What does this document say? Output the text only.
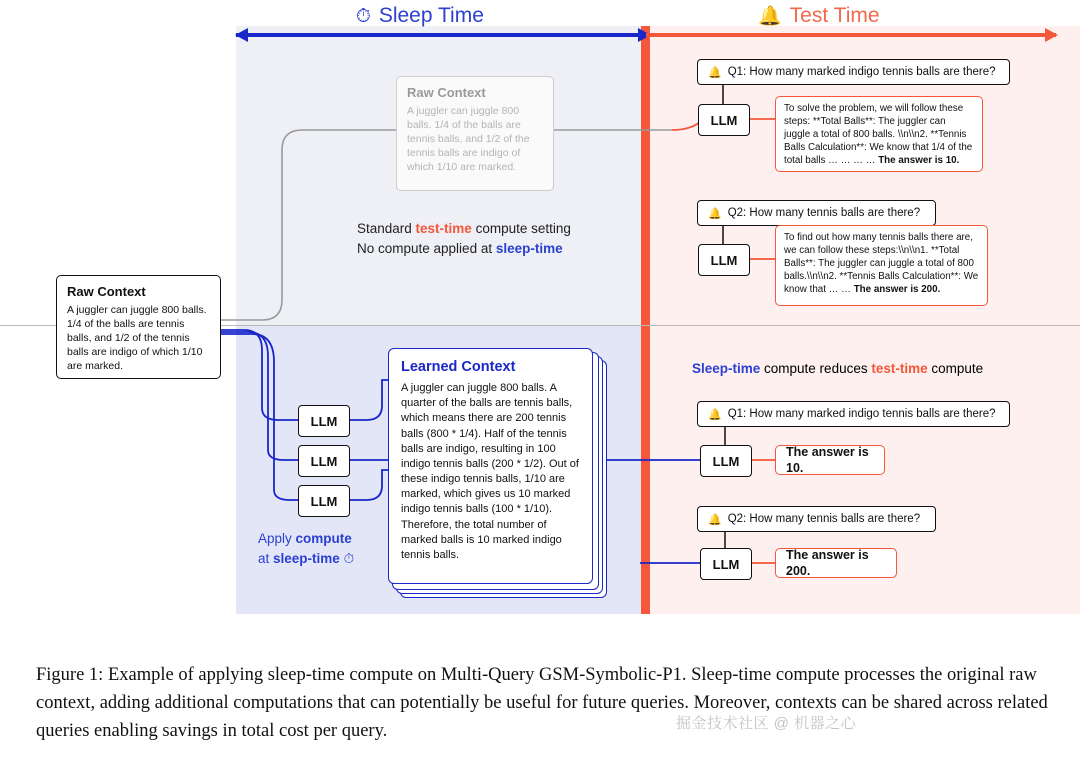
⏱ Sleep Time	🔔 Test Time
Raw Context
A juggler can juggle 800 balls. 1/4 of the balls are tennis balls, and 1/2 of the tennis balls are indigo of which 1/10 are marked.
Raw Context
A juggler can juggle 800 balls. 1/4 of the balls are tennis balls, and 1/2 of the tennis balls are indigo of which 1/10 are marked.
Standard test-time compute setting
No compute applied at sleep-time
🔔 Q1: How many marked indigo tennis balls are there?
LLM
To solve the problem, we will follow these steps: **Total Balls**: The juggler can juggle a total of 800 balls. \\n\\n2. **Tennis Balls Calculation**: We know that 1/4 of the total balls … … … … The answer is 10.
🔔 Q2: How many tennis balls are there?
LLM
To find out how many tennis balls there are, we can follow these steps:\\n\\n1. **Total Balls**: The juggler can juggle a total of 800 balls.\\n\\n2. **Tennis Balls Calculation**: We know that … … The answer is 200.
LLM
LLM
LLM
Learned Context
A juggler can juggle 800 balls. A quarter of the balls are tennis balls, which means there are 200 tennis balls (800 * 1/4). Half of the tennis balls are indigo, resulting in 100 indigo tennis balls (200 * 1/2). Out of these indigo tennis balls, 1/10 are marked, which gives us 10 marked indigo tennis balls (100 * 1/10). Therefore, the total number of marked balls is 10 marked indigo tennis balls.
Apply compute
at sleep-time ⏱
Sleep-time compute reduces test-time compute
🔔 Q1: How many marked indigo tennis balls are there?
LLM
The answer is 10.
🔔 Q2: How many tennis balls are there?
LLM
The answer is 200.
Figure 1: Example of applying sleep-time compute on Multi-Query GSM-Symbolic-P1. Sleep-time compute processes the original raw context, adding additional computations that can potentially be useful for future queries. Moreover, contexts can be shared across related queries enabling savings in total cost per query.	掘金技术社区 @ 机器之心
